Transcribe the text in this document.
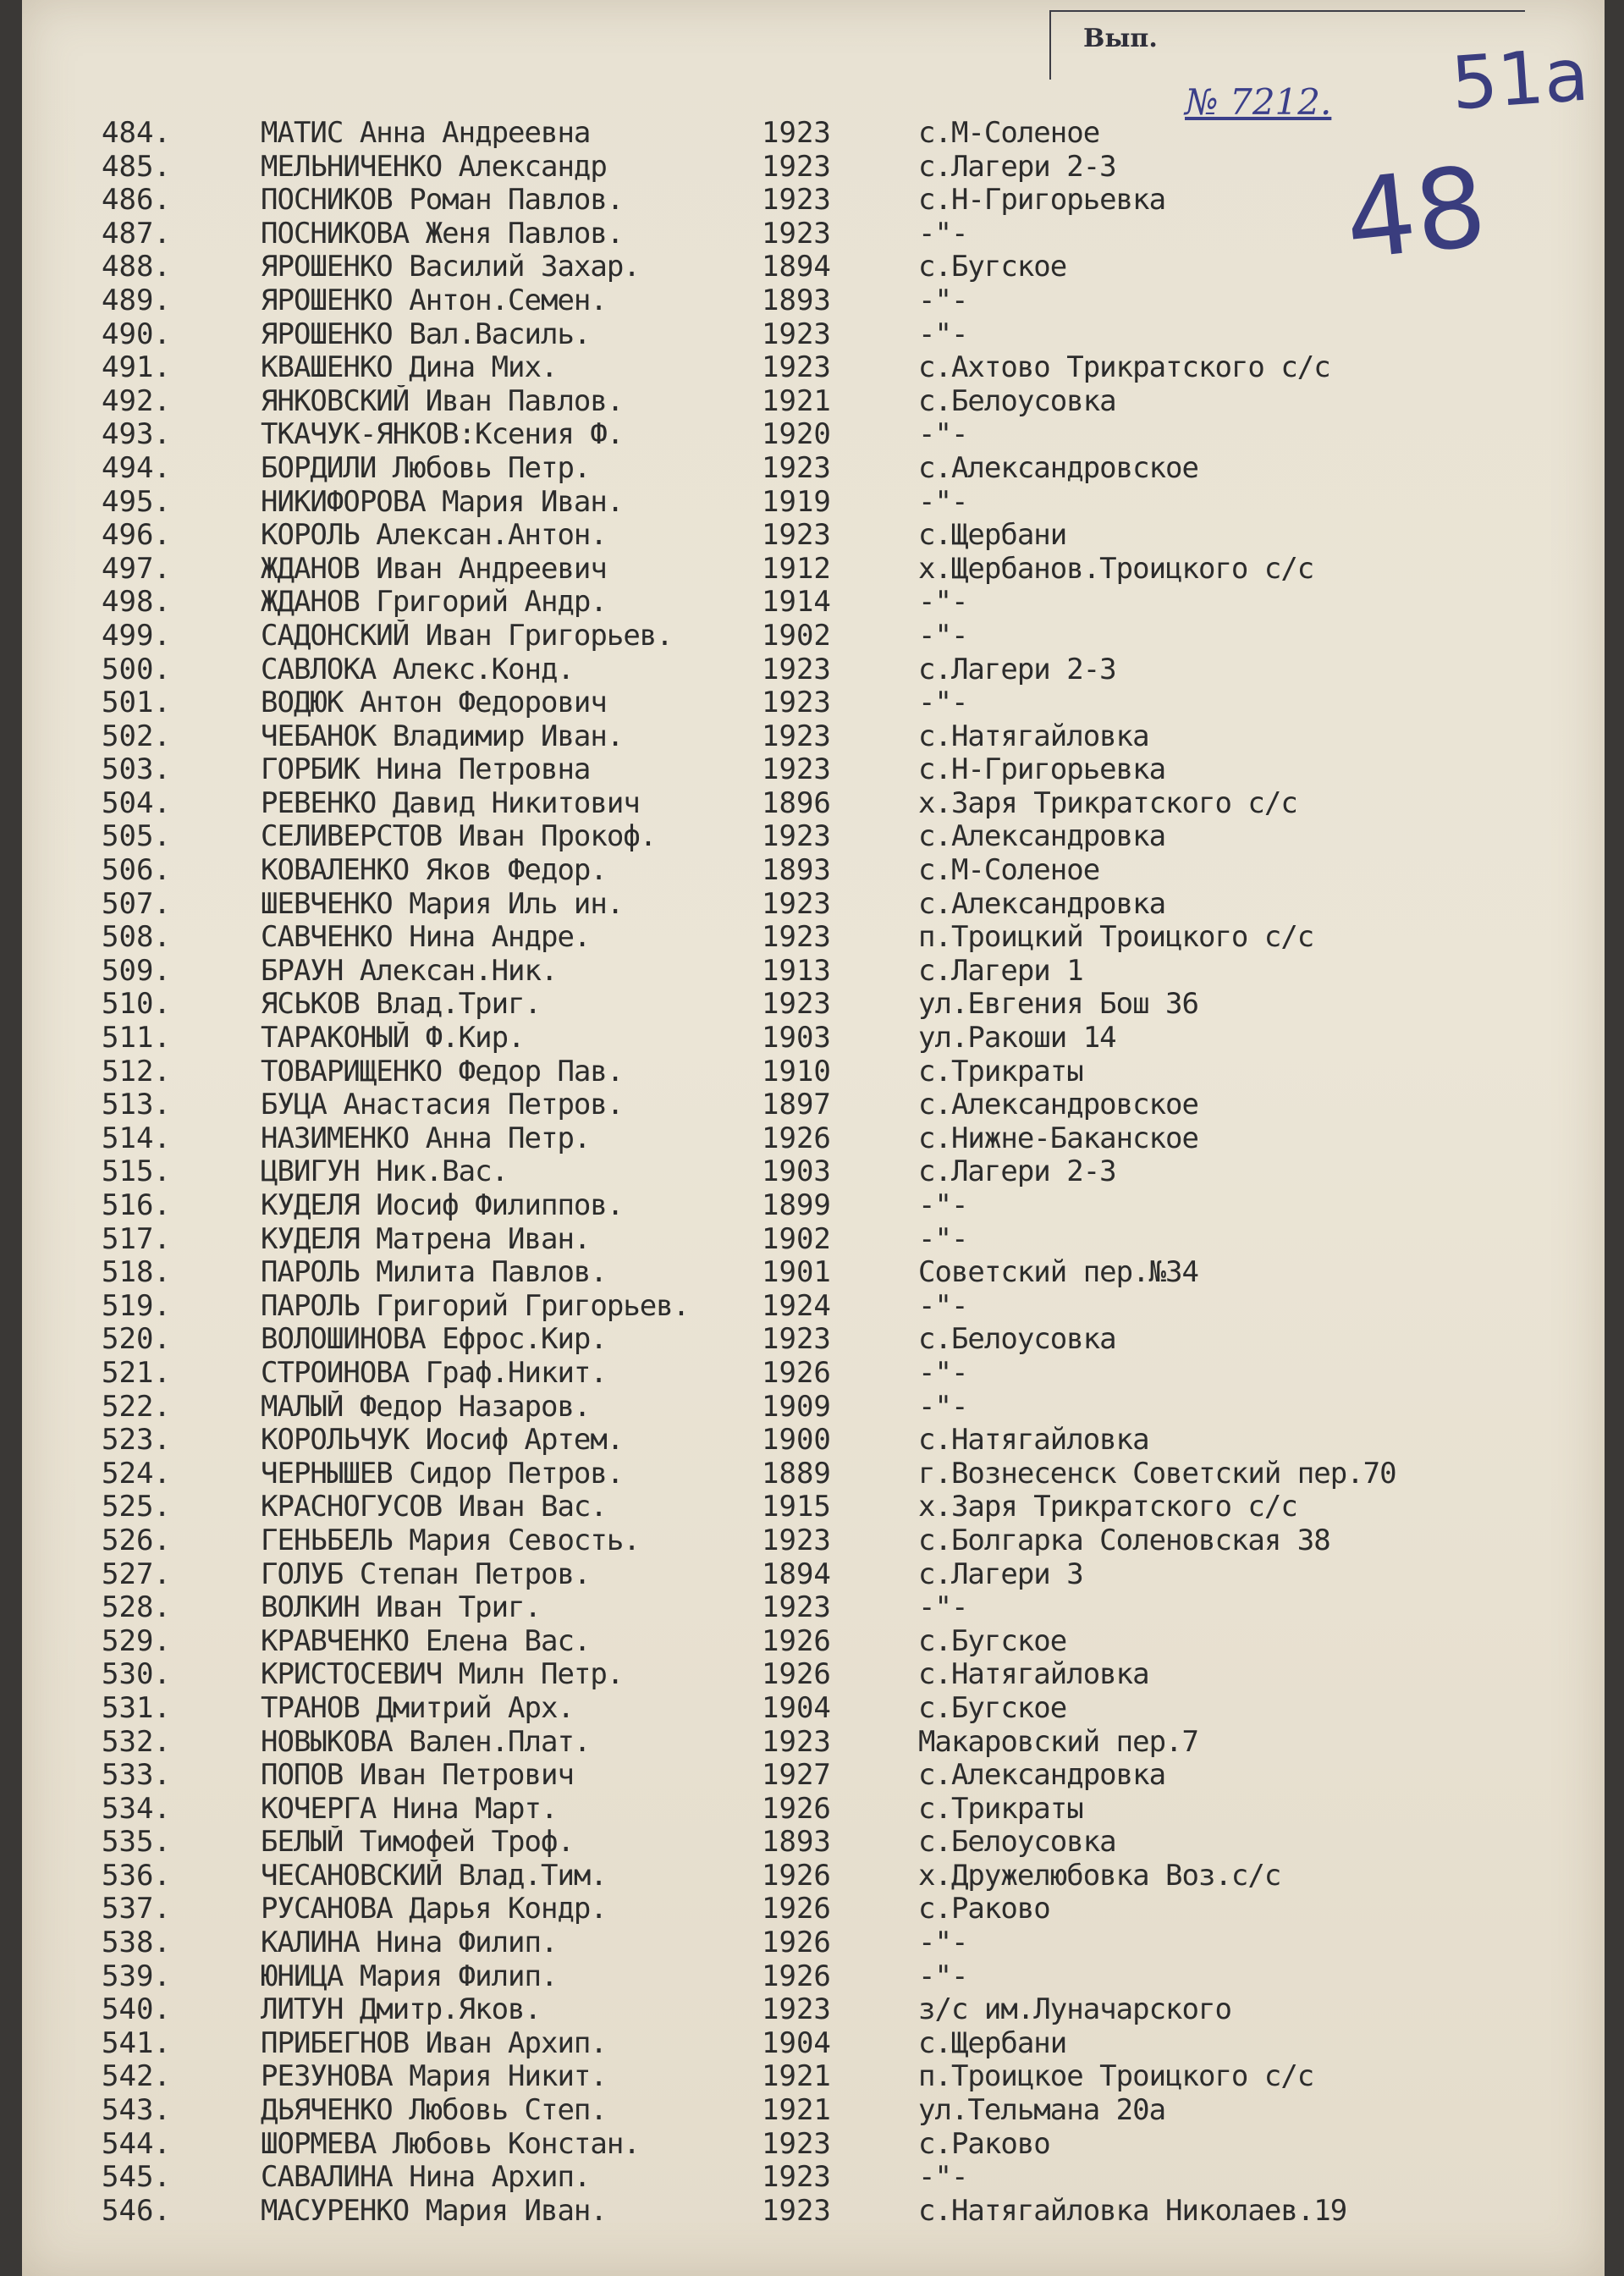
Вып.
№ 7212. 51а
48
484.	МАТИС Анна Андреевна	1923	с.М-Соленое
485.	МЕЛЬНИЧЕНКО Александр	1923	с.Лагери 2-3
486.	ПОСНИКОВ Роман Павлов.	1923	с.Н-Григорьевка
487.	ПОСНИКОВА Женя Павлов.	1923	-"-
488.	ЯРОШЕНКО Василий Захар.	1894	с.Бугское
489.	ЯРОШЕНКО Антон.Семен.	1893	-"-
490.	ЯРОШЕНКО Вал.Василь.	1923	-"-
491.	КВАШЕНКО Дина Мих.	1923	с.Ахтово Трикратского с/с
492.	ЯНКОВСКИЙ Иван Павлов.	1921	с.Белоусовка
493.	ТКАЧУК-ЯНКОВ:Ксения Ф.	1920	-"-
494.	БОРДИЛИ Любовь Петр.	1923	с.Александровское
495.	НИКИФОРОВА Мария Иван.	1919	-"-
496.	КОРОЛЬ Алексан.Антон.	1923	с.Щербани
497.	ЖДАНОВ Иван Андреевич	1912	х.Щербанов.Троицкого с/с
498.	ЖДАНОВ Григорий Андр.	1914	-"-
499.	САДОНСКИЙ Иван Григорьев.	1902	-"-
500.	САВЛОКА Алекс.Конд.	1923	с.Лагери 2-3
501.	ВОДЮК Антон Федорович	1923	-"-
502.	ЧЕБАНОК Владимир Иван.	1923	с.Натягайловка
503.	ГОРБИК Нина Петровна	1923	с.Н-Григорьевка
504.	РЕВЕНКО Давид Никитович	1896	х.Заря Трикратского с/с
505.	СЕЛИВЕРСТОВ Иван Прокоф.	1923	с.Александровка
506.	КОВАЛЕНКО Яков Федор.	1893	с.М-Соленое
507.	ШЕВЧЕНКО Мария Иль ин.	1923	с.Александровка
508.	САВЧЕНКО Нина Андре.	1923	п.Троицкий Троицкого с/с
509.	БРАУН Алексан.Ник.	1913	с.Лагери 1
510.	ЯСЬКОВ Влад.Триг.	1923	ул.Евгения Бош 36
511.	ТАРАКОНЫЙ Ф.Кир.	1903	ул.Ракоши 14
512.	ТОВАРИЩЕНКО Федор Пав.	1910	с.Трикраты
513.	БУЦА Анастасия Петров.	1897	с.Александровское
514.	НАЗИМЕНКО Анна Петр.	1926	с.Нижне-Баканское
515.	ЦВИГУН Ник.Вас.	1903	с.Лагери 2-3
516.	КУДЕЛЯ Иосиф Филиппов.	1899	-"-
517.	КУДЕЛЯ Матрена Иван.	1902	-"-
518.	ПАРОЛЬ Милита Павлов.	1901	Советский пер.№34
519.	ПАРОЛЬ Григорий Григорьев.	1924	-"-
520.	ВОЛОШИНОВА Ефрос.Кир.	1923	с.Белоусовка
521.	СТРОИНОВА Граф.Никит.	1926	-"-
522.	МАЛЫЙ Федор Назаров.	1909	-"-
523.	КОРОЛЬЧУК Иосиф Артем.	1900	с.Натягайловка
524.	ЧЕРНЫШЕВ Сидор Петров.	1889	г.Вознесенск Советский пер.70
525.	КРАСНОГУСОВ Иван Вас.	1915	х.Заря Трикратского с/с
526.	ГЕНЬБЕЛЬ Мария Севость.	1923	с.Болгарка Соленовская 38
527.	ГОЛУБ Степан Петров.	1894	с.Лагери 3
528.	ВОЛКИН Иван Триг.	1923	-"-
529.	КРАВЧЕНКО Елена Вас.	1926	с.Бугское
530.	КРИСТОСЕВИЧ Милн Петр.	1926	с.Натягайловка
531.	ТРАНОВ Дмитрий Арх.	1904	с.Бугское
532.	НОВЫКОВА Вален.Плат.	1923	Макаровский пер.7
533.	ПОПОВ Иван Петрович	1927	с.Александровка
534.	КОЧЕРГА Нина Март.	1926	с.Трикраты
535.	БЕЛЫЙ Тимофей Троф.	1893	с.Белоусовка
536.	ЧЕСАНОВСКИЙ Влад.Тим.	1926	х.Дружелюбовка Воз.с/с
537.	РУСАНОВА Дарья Кондр.	1926	с.Раково
538.	КАЛИНА Нина Филип.	1926	-"-
539.	ЮНИЦА Мария Филип.	1926	-"-
540.	ЛИТУН Дмитр.Яков.	1923	з/с им.Луначарского
541.	ПРИБЕГНОВ Иван Архип.	1904	с.Щербани
542.	РЕЗУНОВА Мария Никит.	1921	п.Троицкое Троицкого с/с
543.	ДЬЯЧЕНКО Любовь Степ.	1921	ул.Тельмана 20а
544.	ШОРМЕВА Любовь Констан.	1923	с.Раково
545.	САВАЛИНА Нина Архип.	1923	-"-
546.	МАСУРЕНКО Мария Иван.	1923	с.Натягайловка Николаев.19
